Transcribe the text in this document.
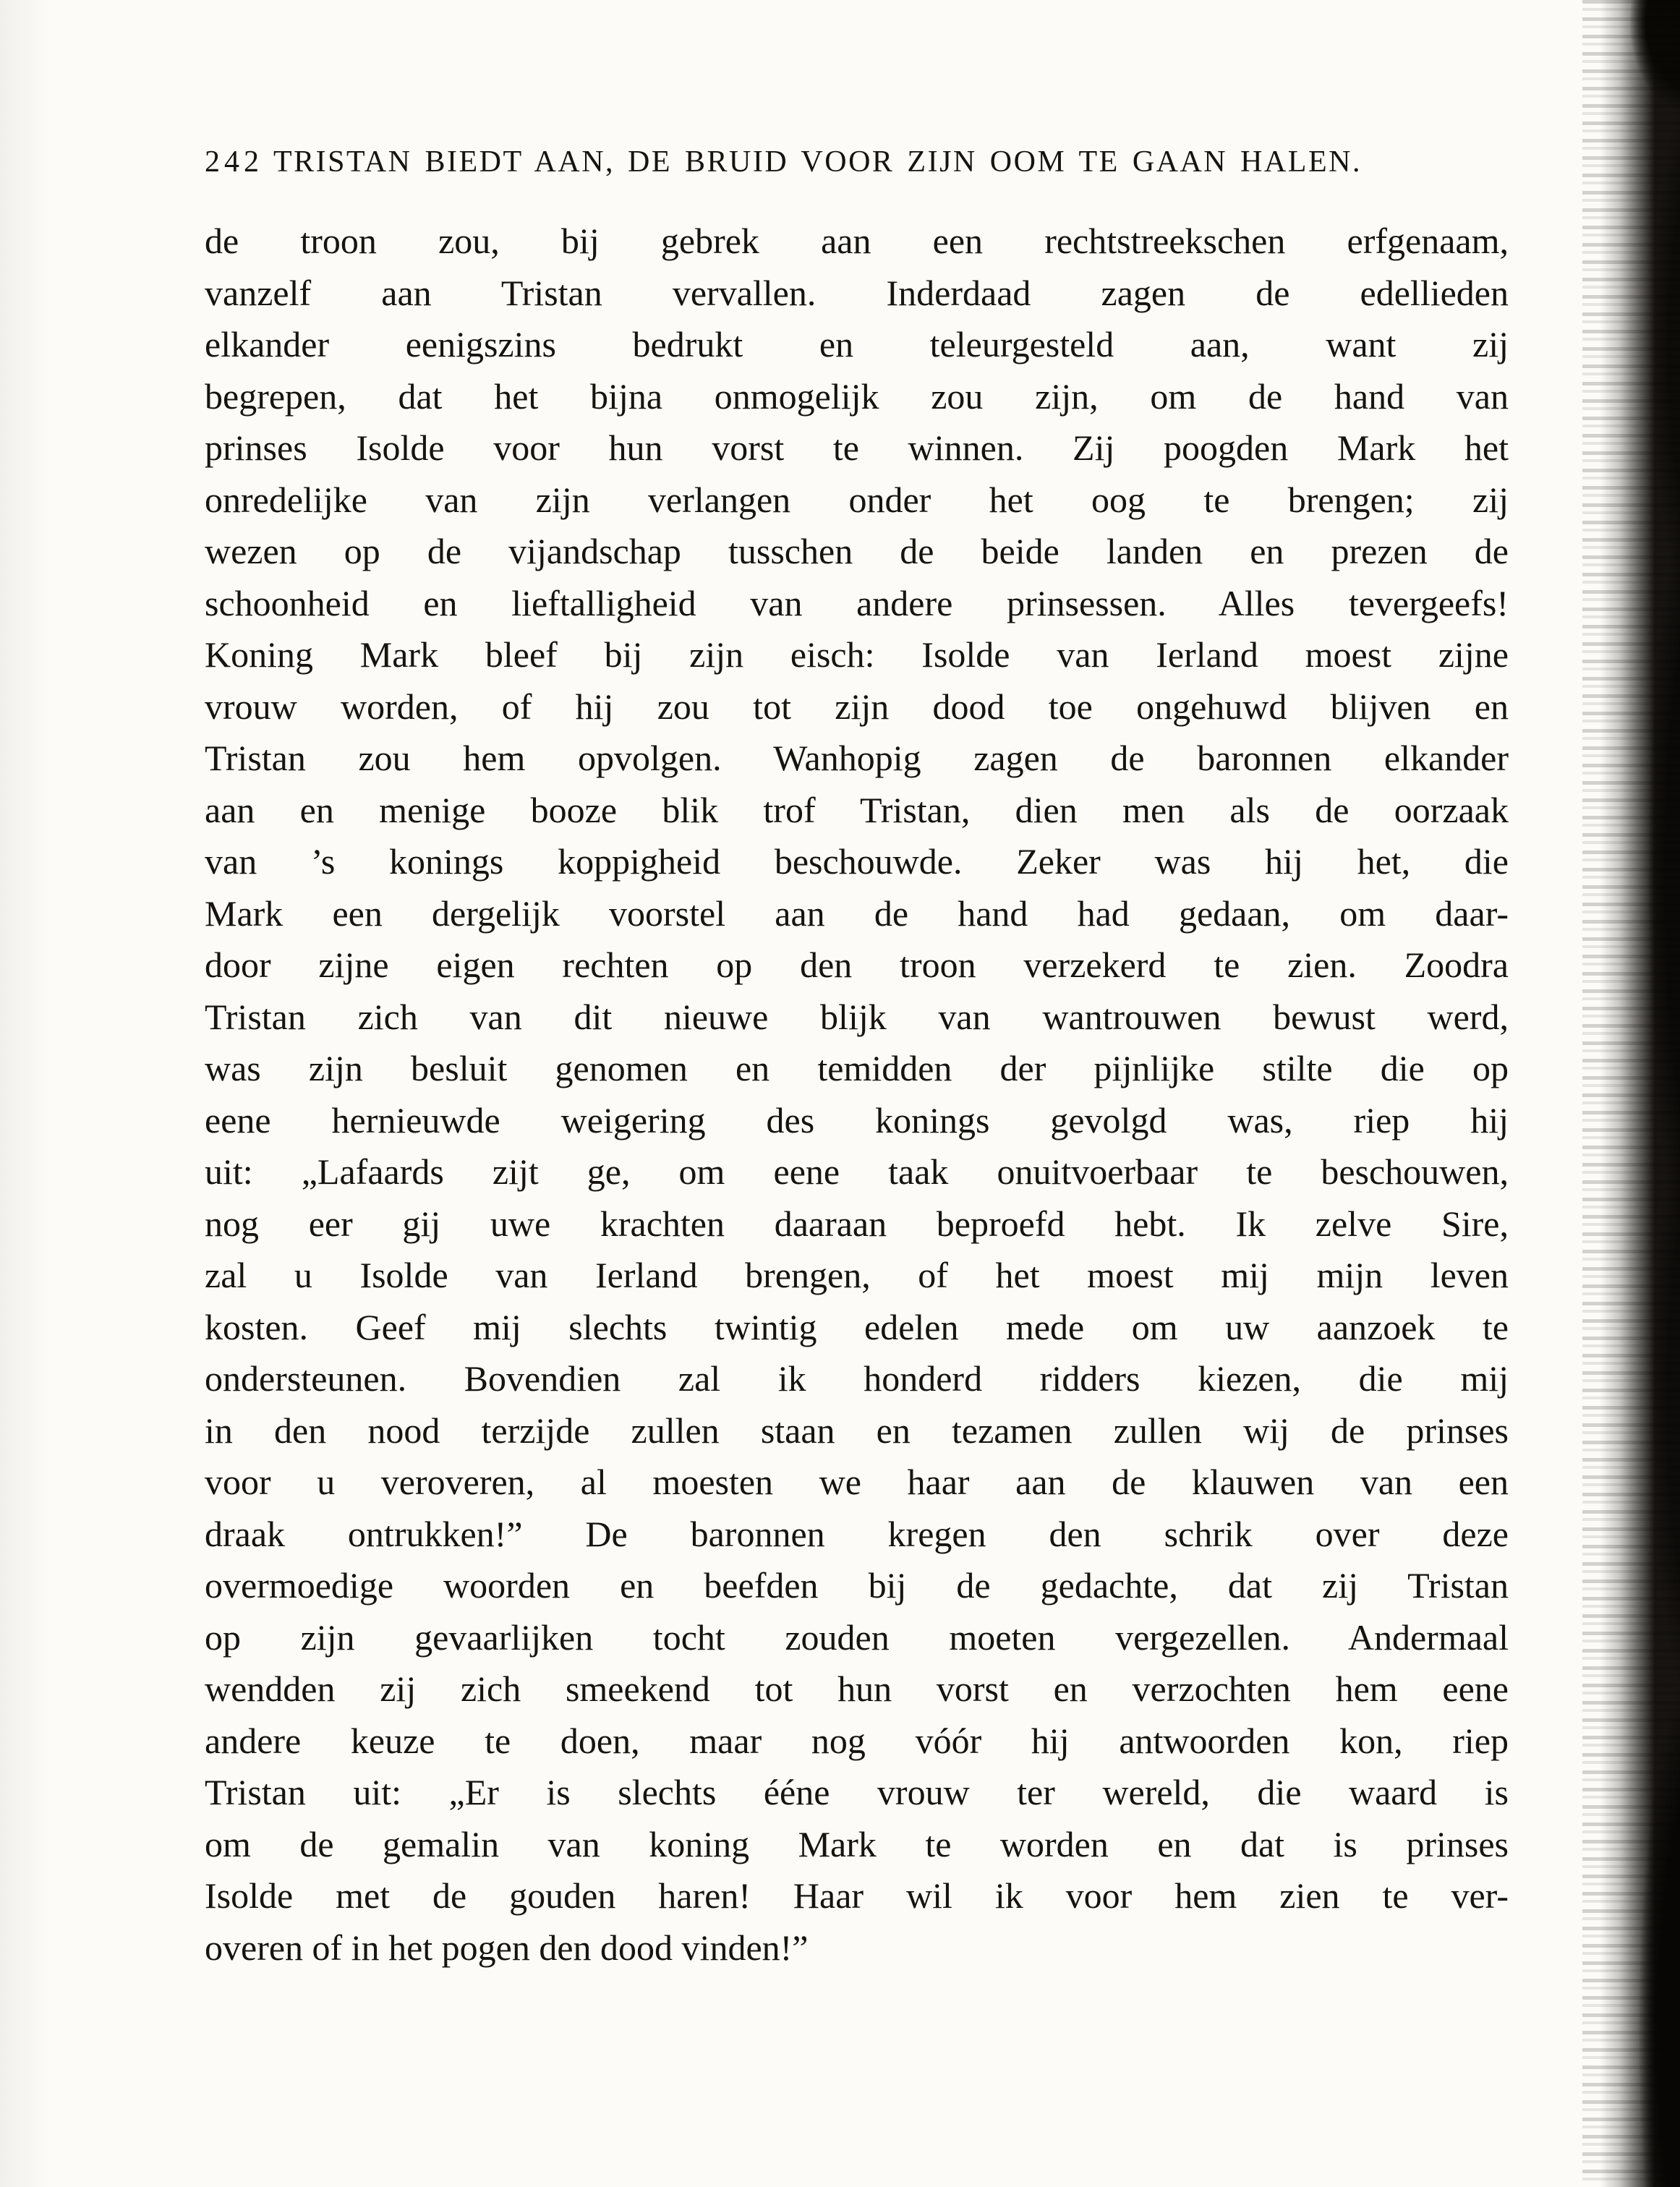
242 TRISTAN BIEDT AAN, DE BRUID VOOR ZIJN OOM TE GAAN HALEN.
de troon zou, bij gebrek aan een rechtstreekschen erfgenaam,
vanzelf aan Tristan vervallen. Inderdaad zagen de edellieden
elkander eenigszins bedrukt en teleurgesteld aan, want zij
begrepen, dat het bijna onmogelijk zou zijn, om de hand van
prinses Isolde voor hun vorst te winnen. Zij poogden Mark het
onredelijke van zijn verlangen onder het oog te brengen; zij
wezen op de vijandschap tusschen de beide landen en prezen de
schoonheid en lieftalligheid van andere prinsessen. Alles tevergeefs!
Koning Mark bleef bij zijn eisch: Isolde van Ierland moest zijne
vrouw worden, of hij zou tot zijn dood toe ongehuwd blijven en
Tristan zou hem opvolgen. Wanhopig zagen de baronnen elkander
aan en menige booze blik trof Tristan, dien men als de oorzaak
van ’s konings koppigheid beschouwde. Zeker was hij het, die
Mark een dergelijk voorstel aan de hand had gedaan, om daar-
door zijne eigen rechten op den troon verzekerd te zien. Zoodra
Tristan zich van dit nieuwe blijk van wantrouwen bewust werd,
was zijn besluit genomen en temidden der pijnlijke stilte die op
eene hernieuwde weigering des konings gevolgd was, riep hij
uit: „Lafaards zijt ge, om eene taak onuitvoerbaar te beschouwen,
nog eer gij uwe krachten daaraan beproefd hebt. Ik zelve Sire,
zal u Isolde van Ierland brengen, of het moest mij mijn leven
kosten. Geef mij slechts twintig edelen mede om uw aanzoek te
ondersteunen. Bovendien zal ik honderd ridders kiezen, die mij
in den nood terzijde zullen staan en tezamen zullen wij de prinses
voor u veroveren, al moesten we haar aan de klauwen van een
draak ontrukken!” De baronnen kregen den schrik over deze
overmoedige woorden en beefden bij de gedachte, dat zij Tristan
op zijn gevaarlijken tocht zouden moeten vergezellen. Andermaal
wendden zij zich smeekend tot hun vorst en verzochten hem eene
andere keuze te doen, maar nog vóór hij antwoorden kon, riep
Tristan uit: „Er is slechts ééne vrouw ter wereld, die waard is
om de gemalin van koning Mark te worden en dat is prinses
Isolde met de gouden haren! Haar wil ik voor hem zien te ver-
overen of in het pogen den dood vinden!”
